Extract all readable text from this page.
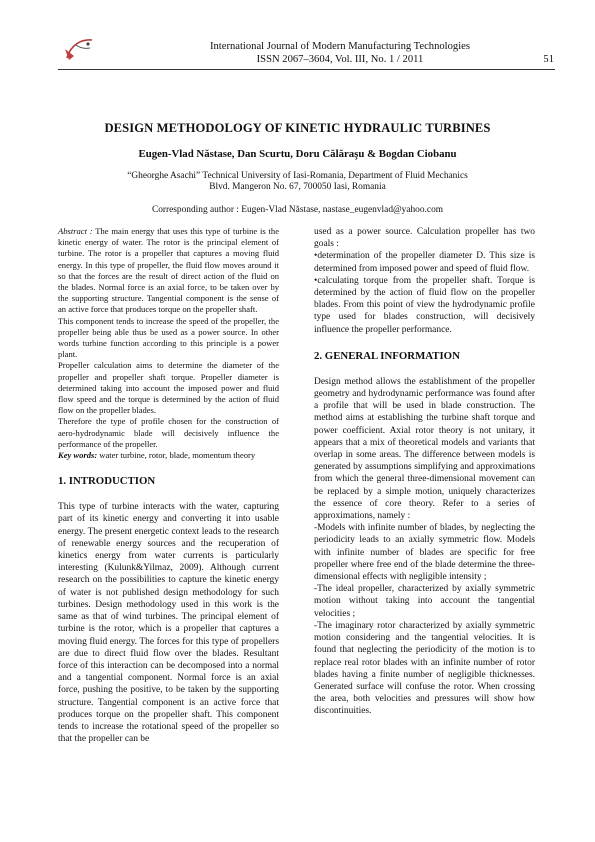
International Journal of Modern Manufacturing Technologies
ISSN 2067–3604, Vol. III, No. 1 / 2011	51
DESIGN METHODOLOGY OF KINETIC HYDRAULIC TURBINES
Eugen-Vlad Năstase, Dan Scurtu, Doru Călăraşu & Bogdan Ciobanu
“Gheorghe Asachi” Technical University of Iasi-Romania, Department of Fluid Mechanics
Blvd. Mangeron No. 67, 700050 Iasi, Romania
Corresponding author : Eugen-Vlad Năstase, nastase_eugenvlad@yahoo.com

Abstract : The main energy that uses this type of turbine is the kinetic energy of water. The rotor is the principal element of turbine. The rotor is a propeller that captures a moving fluid energy. In this type of propeller, the fluid flow moves around it so that the forces are the result of direct action of the fluid on the blades. Normal force is an axial force, to be taken over by the supporting structure. Tangential component is the sense of an active force that produces torque on the propeller shaft.

This component tends to increase the speed of the propeller, the propeller being able thus be used as a power source. In other words turbine function according to this principle is a power plant.

Propeller calculation aims to determine the diameter of the propeller and propeller shaft torque. Propeller diameter is determined taking into account the imposed power and fluid flow speed and the torque is determined by the action of fluid flow on the propeller blades.

Therefore the type of profile chosen for the construction of aero-hydrodynamic blade will decisively influence the performance of the propeller.

Key words: water turbine, rotor, blade, momentum theory

1. INTRODUCTION

This type of turbine interacts with the water, capturing part of its kinetic energy and converting it into usable energy. The present energetic context leads to the research of renewable energy sources and the recuperation of kinetics energy from water currents is particularly interesting (Kulunk&Yilmaz, 2009). Although current research on the possibilities to capture the kinetic energy of water is not published design methodology for such turbines. Design methodology used in this work is the same as that of wind turbines. The principal element of turbine is the rotor, which is a propeller that captures a moving fluid energy. The forces for this type of propellers are due to direct fluid flow over the blades. Resultant force of this interaction can be decomposed into a normal and a tangential component. Normal force is an axial force, pushing the positive, to be taken by the supporting structure. Tangential component is an active force that produces torque on the propeller shaft. This component tends to increase the rotational speed of the propeller so that the propeller can be

used as a power source. Calculation propeller has two goals :

•determination of the propeller diameter D. This size is determined from imposed power and speed of fluid flow.

•calculating torque from the propeller shaft. Torque is determined by the action of fluid flow on the propeller blades. From this point of view the hydrodynamic profile type used for blades construction, will decisively influence the propeller performance.

2. GENERAL INFORMATION

Design method allows the establishment of the propeller geometry and hydrodynamic performance was found after a profile that will be used in blade construction. The method aims at establishing the turbine shaft torque and power coefficient. Axial rotor theory is not unitary, it appears that a mix of theoretical models and variants that overlap in some areas. The difference between models is generated by assumptions simplifying and approximations from which the general three-dimensional movement can be replaced by a simple motion, uniquely characterizes the essence of core theory. Refer to a series of approximations, namely :

-Models with infinite number of blades, by neglecting the periodicity leads to an axially symmetric flow. Models with infinite number of blades are specific for free propeller where free end of the blade determine the three-dimensional effects with negligible intensity ;

-The ideal propeller, characterized by axially symmetric motion without taking into account the tangential velocities ;

-The imaginary rotor characterized by axially symmetric motion considering and the tangential velocities. It is found that neglecting the periodicity of the motion is to replace real rotor blades with an infinite number of rotor blades having a finite number of negligible thicknesses. Generated surface will confuse the rotor. When crossing the area, both velocities and pressures will show how discontinuities.
